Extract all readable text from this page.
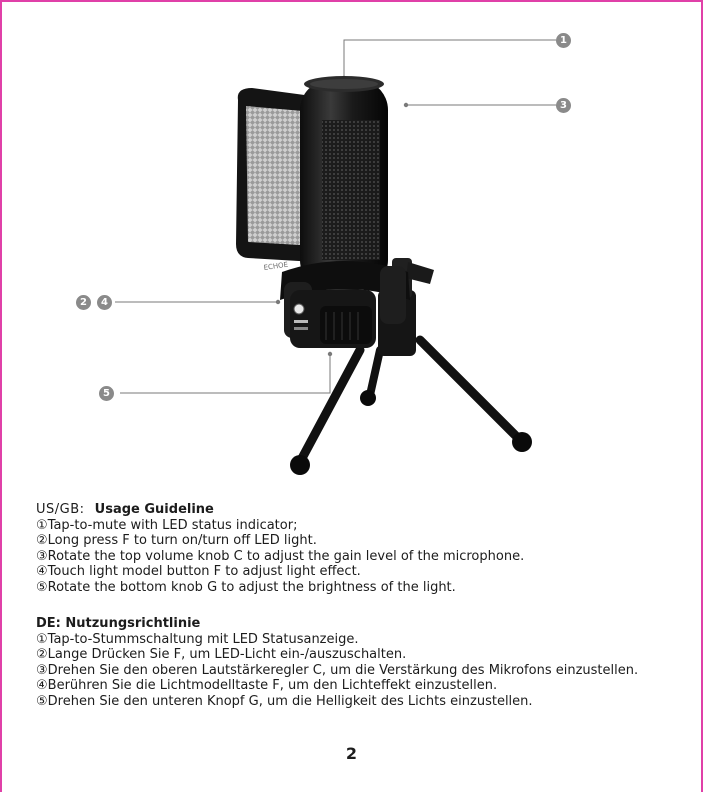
ECHOE
1
3
2	4
5
US/GB: Usage Guideline
①Tap-to-mute with LED status indicator;
②Long press F to turn on/turn off LED light.
③Rotate the top volume knob C to adjust the gain level of the microphone.
④Touch light model button F to adjust light effect.
⑤Rotate the bottom knob G to adjust the brightness of the light.
DE: Nutzungsrichtlinie
①Tap-to-Stummschaltung mit LED Statusanzeige.
②Lange Drücken Sie F, um LED-Licht ein-/auszuschalten.
③Drehen Sie den oberen Lautstärkeregler C, um die Verstärkung des Mikrofons einzustellen.
④Berühren Sie die Lichtmodelltaste F, um den Lichteffekt einzustellen.
⑤Drehen Sie den unteren Knopf G, um die Helligkeit des Lichts einzustellen.
2
